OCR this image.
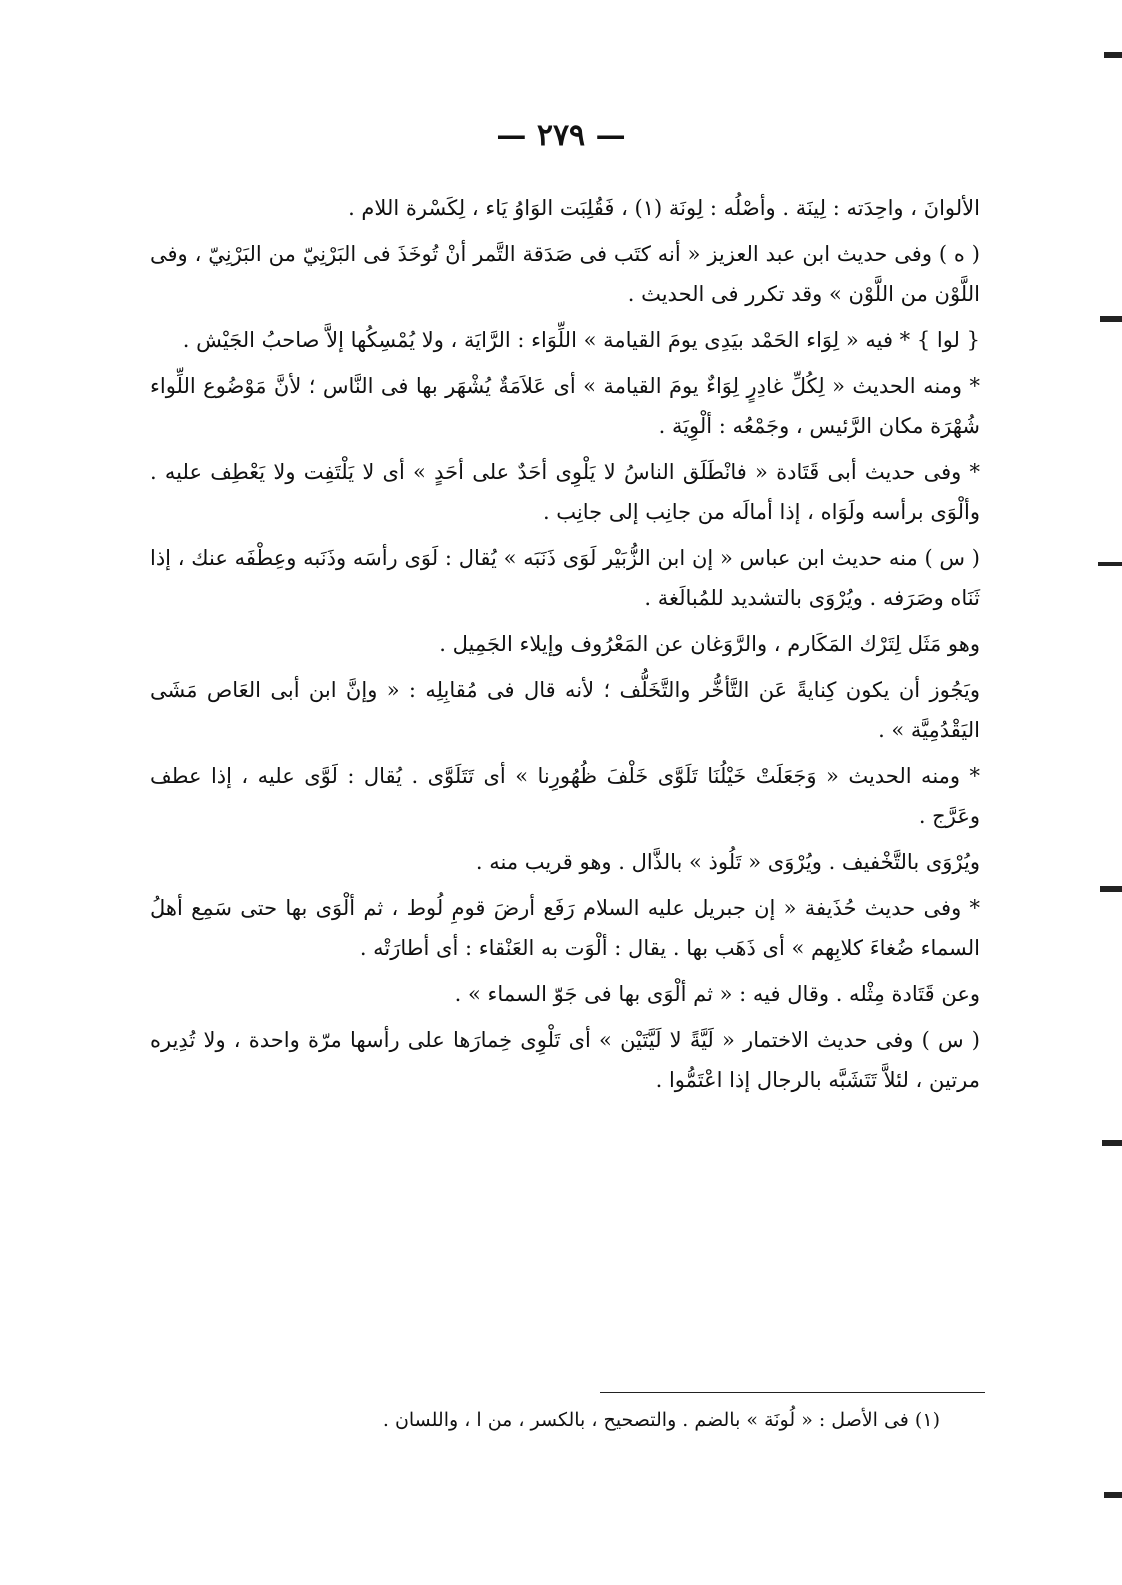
— ٢٧٩ —

الألوانَ ، واحِدَته : لِينَة . وأصْلُه : لِونَة (١) ، فَقُلِبَت الوَاوُ يَاء ، لِكَسْرة اللام .

( ه ) وفى حديث ابن عبد العزيز « أنه كتَب فى صَدَقة التَّمر أنْ تُوخَذَ فى البَرْنِيّ من البَرْنِيّ ، وفى اللَّوْن من اللَّوْن » وقد تكرر فى الحديث .

{ لوا } * فيه « لِوَاء الحَمْد بيَدِى يومَ القيامة » اللِّوَاء : الرَّايَة ، ولا يُمْسِكُها إلاَّ صاحبُ الجَيْش .

* ومنه الحديث « لِكُلِّ غادِرٍ لِوَاءٌ يومَ القيامة » أى عَلاَمَةٌ يُشْهَر بها فى النَّاس ؛ لأنَّ مَوْضُوع اللِّواء شُهْرَة مكان الرَّئيس ، وجَمْعُه : ألْوِيَة .

* وفى حديث أبى قَتَادة « فانْطَلَق الناسُ لا يَلْوِى أحَدٌ على أحَدٍ » أى لا يَلْتَفِت ولا يَعْطِف عليه . وألْوَى برأسه ولَوَاه ، إذا أمالَه من جانِب إلى جانِب .

( س ) منه حديث ابن عباس « إن ابن الزُّبَيْر لَوَى ذَنَبَه » يُقال : لَوَى رأسَه وذَنَبه وعِطْفَه عنك ، إذا ثَنَاه وصَرَفه . ويُرْوَى بالتشديد للمُبالَغة .

وهو مَثَل لِتَرْك المَكَارم ، والرَّوَغان عن المَعْرُوف وإيلاء الجَمِيل .

ويَجُوز أن يكون كِنايةً عَن التَّأخُّر والتَّخَلُّف ؛ لأنه قال فى مُقابِلِه : « وإنَّ ابن أبى العَاص مَشَى اليَقْدُمِيَّة » .

* ومنه الحديث « وَجَعَلَتْ خَيْلُنَا تَلَوَّى خَلْفَ ظُهُورِنا » أى تَتَلَوَّى . يُقال : لَوَّى عليه ، إذا عطف وعَرَّج .

ويُرْوَى بالتَّخْفيف . ويُرْوَى « تَلُوذ » بالذَّال . وهو قريب منه .

* وفى حديث حُذَيفة « إن جبريل عليه السلام رَفَع أرضَ قومِ لُوط ، ثم ألْوَى بها حتى سَمِع أهلُ السماء ضُغاءَ كلابِهم » أى ذَهَب بها . يقال : ألْوَت به العَنْقاء : أى أطارَتْه .

وعن قَتَادة مِثْله . وقال فيه : « ثم ألْوَى بها فى جَوّ السماء » .

( س ) وفى حديث الاختمار « لَيَّةً لا لَيَّتَيْن » أى تَلْوِى خِمارَها على رأسها مرّة واحدة ، ولا تُدِيره مرتين ، لئلاَّ تَتَشَبَّه بالرجال إذا اعْتَمُّوا .

(١) فى الأصل : « لُونَة » بالضم . والتصحيح ، بالكسر ، من ا ، واللسان .
